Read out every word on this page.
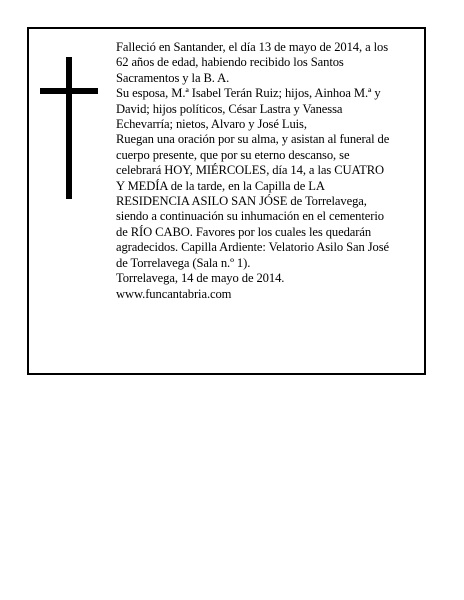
Falleció en Santander, el día 13 de mayo de 2014, a los
62 años de edad, habiendo recibido los Santos
Sacramentos y la B. A.
Su esposa, M.ª Isabel Terán Ruiz; hijos, Ainhoa M.ª y
David; hijos políticos, César Lastra y Vanessa
Echevarría; nietos, Alvaro y José Luis,
Ruegan una oración por su alma, y asistan al funeral de
cuerpo presente, que por su eterno descanso, se
celebrará HOY, MIÉRCOLES, día 14, a las CUATRO
Y MEDÍA de la tarde, en la Capilla de LA
RESIDENCIA ASILO SAN JÓSE de Torrelavega,
siendo a continuación su inhumación en el cementerio
de RÍO CABO. Favores por los cuales les quedarán
agradecidos. Capilla Ardiente: Velatorio Asilo San José
de Torrelavega (Sala n.º 1).
Torrelavega, 14 de mayo de 2014.
www.funcantabria.com
